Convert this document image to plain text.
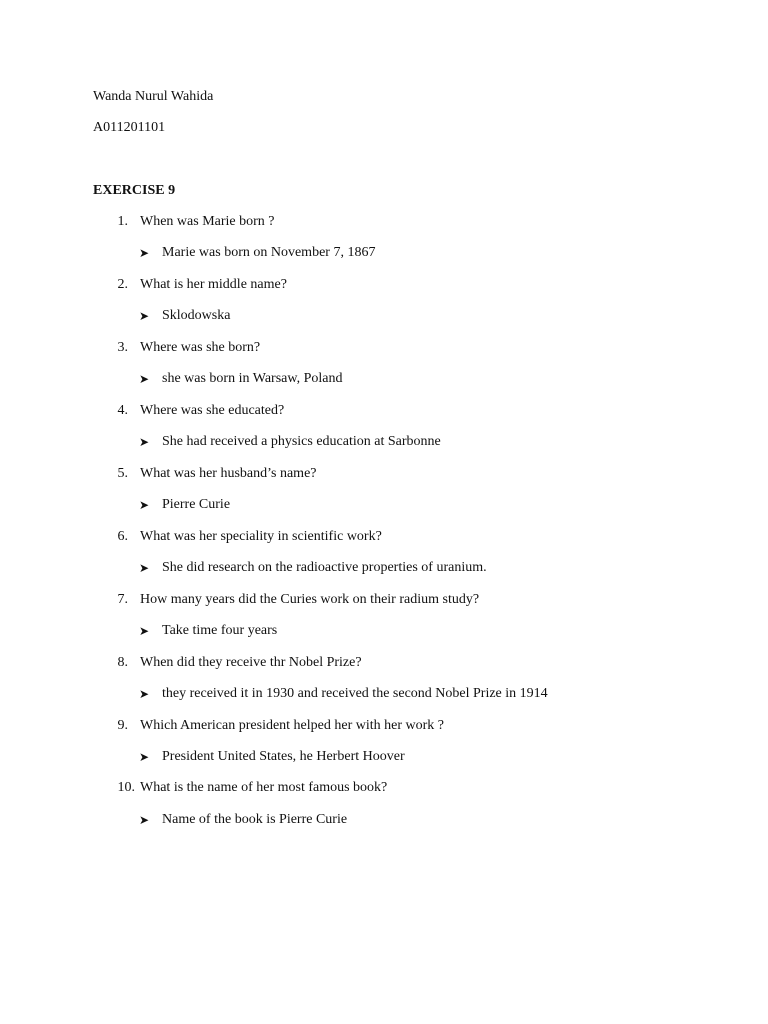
Wanda Nurul Wahida
A011201101
EXERCISE 9
1. When was Marie born ?
➤ Marie was born on November 7, 1867
2. What is her middle name?
➤ Sklodowska
3. Where was she born?
➤ she was born in Warsaw, Poland
4. Where was she educated?
➤ She had received a physics education at Sarbonne
5. What was her husband’s name?
➤ Pierre Curie
6. What was her speciality in scientific work?
➤ She did research on the radioactive properties of uranium.
7. How many years did the Curies work on their radium study?
➤ Take time four years
8. When did they receive thr Nobel Prize?
➤ they received it in 1930 and received the second Nobel Prize in 1914
9. Which American president helped her with her work ?
➤ President United States, he Herbert Hoover
10. What is the name of her most famous book?
➤ Name of the book is Pierre Curie
